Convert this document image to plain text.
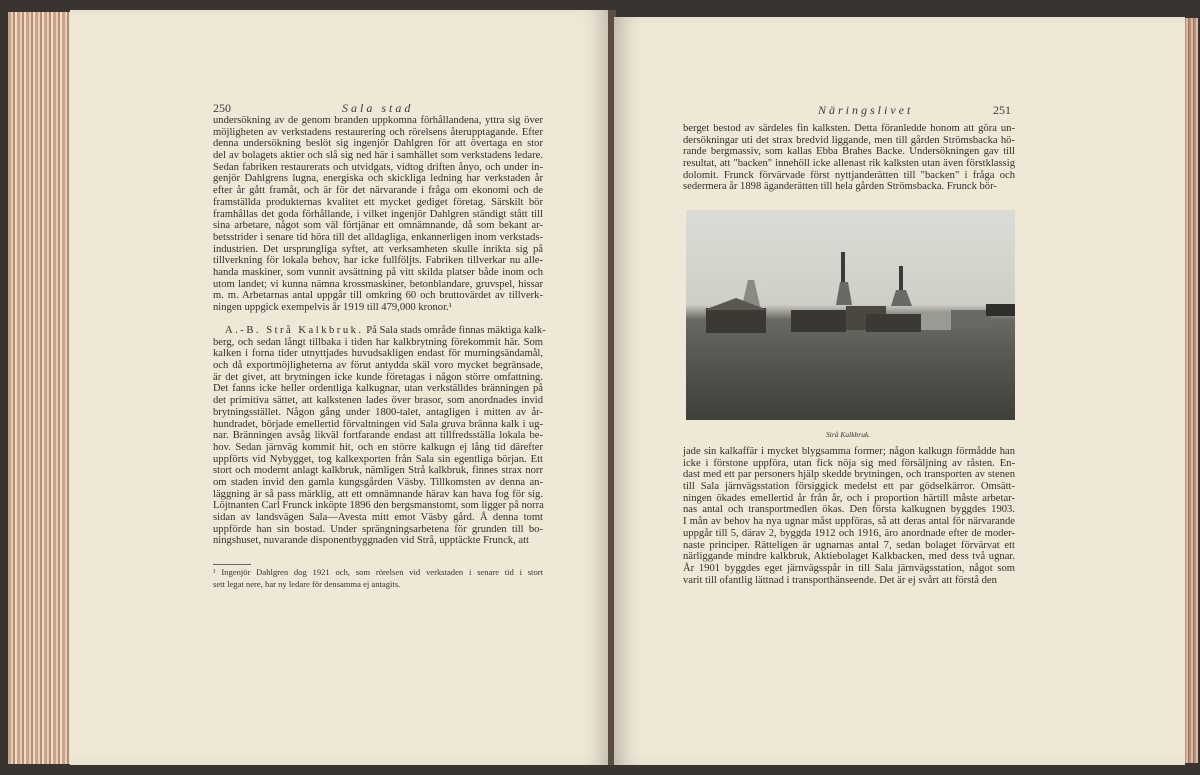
250	Sala stad
undersökning av de genom branden uppkomna förhållandena, yttra sig över
möjligheten av verkstadens restaurering och rörelsens återupptagande. Efter
denna undersökning beslöt sig ingenjör Dahlgren för att övertaga en stor
del av bolagets aktier och slå sig ned här i samhället som verkstadens ledare.
Sedan fabriken restaurerats och utvidgats, vidtog driften ånyo, och under in-
genjör Dahlgrens lugna, energiska och skickliga ledning har verkstaden år
efter år gått framåt, och är för det närvarande i fråga om ekonomi och de
framställda produkternas kvalitet ett mycket gediget företag. Särskilt bör
framhållas det goda förhållande, i vilket ingenjör Dahlgren ständigt stått till
sina arbetare, något som väl förtjänar ett omnämnande, då som bekant ar-
betsstrider i senare tid höra till det alldagliga, enkannerligen inom verkstads-
industrien. Det ursprungliga syftet, att verksamheten skulle inrikta sig på
tillverkning för lokala behov, har icke fullföljts. Fabriken tillverkar nu alle-
handa maskiner, som vunnit avsättning på vitt skilda platser både inom och
utom landet; vi kunna nämna krossmaskiner, betonblandare, gruvspel, hissar
m. m. Arbetarnas antal uppgår till omkring 60 och bruttovärdet av tillverk-
ningen uppgick exempelvis år 1919 till 479,000 kronor.¹
A.-B. Strå Kalkbruk. På Sala stads område finnas mäktiga kalk-
berg, och sedan långt tillbaka i tiden har kalkbrytning förekommit här. Som
kalken i forna tider utnyttjades huvudsakligen endast för murningsändamål,
och då exportmöjligheterna av förut antydda skäl voro mycket begränsade,
är det givet, att brytningen icke kunde företagas i någon större omfattning.
Det fanns icke heller ordentliga kalkugnar, utan verkställdes bränningen på
det primitiva sättet, att kalkstenen lades över brasor, som anordnades invid
brytningsstället. Någon gång under 1800-talet, antagligen i mitten av år-
hundradet, började emellertid förvaltningen vid Sala gruva bränna kalk i ug-
nar. Bränningen avsåg likväl fortfarande endast att tillfredsställa lokala be-
hov. Sedan järnväg kommit hit, och en större kalkugn ej lång tid därefter
uppförts vid Nybygget, tog kalkexporten från Sala sin egentliga början. Ett
stort och modernt anlagt kalkbruk, nämligen Strå kalkbruk, finnes strax norr
om staden invid den gamla kungsgården Väsby. Tillkomsten av denna an-
läggning är så pass märklig, att ett omnämnande härav kan hava fog för sig.
Löjtnanten Carl Frunck inköpte 1896 den bergsmanstomt, som ligger på norra
sidan av landsvägen Sala—Avesta mitt emot Väsby gård. Å denna tomt
uppförde han sin bostad. Under sprängningsarbetena för grunden till bo-
ningshuset, nuvarande disponentbyggnaden vid Strå, upptäckte Frunck, att
¹ Ingenjör Dahlgren dog 1921 och, som rörelsen vid verkstaden i senare tid i stort
sett legat nere, har ny ledare för densamma ej antagits.
Näringslivet	251
berget bestod av särdeles fin kalksten. Detta föranledde honom att göra un-
dersökningar uti det strax bredvid liggande, men till gården Strömsbacka hö-
rande bergmassiv, som kallas Ebba Brahes Backe. Undersökningen gav till
resultat, att "backen" innehöll icke allenast rik kalksten utan även förstklassig
dolomit. Frunck förvärvade först nyttjanderätten till "backen" i fråga och
sedermera år 1898 äganderätten till hela gården Strömsbacka. Frunck bör-
Strå Kalkbruk.
jade sin kalkaffär i mycket blygsamma former; någon kalkugn förmådde han
icke i förstone uppföra, utan fick nöja sig med försäljning av råsten. En-
dast med ett par personers hjälp skedde brytningen, och transporten av stenen
till Sala järnvägsstation försiggick medelst ett par gödselkärror. Omsätt-
ningen ökades emellertid år från år, och i proportion härtill måste arbetar-
nas antal och transportmedlen ökas. Den första kalkugnen byggdes 1903.
I mån av behov ha nya ugnar måst uppföras, så att deras antal för närvarande
uppgår till 5, därav 2, byggda 1912 och 1916, äro anordnade efter de moder-
naste principer. Rätteligen är ugnarnas antal 7, sedan bolaget förvärvat ett
närliggande mindre kalkbruk, Aktiebolaget Kalkbacken, med dess två ugnar.
År 1901 byggdes eget järnvägsspår in till Sala järnvägsstation, något som
varit till ofantlig lättnad i transporthänseende. Det är ej svårt att förstå den
